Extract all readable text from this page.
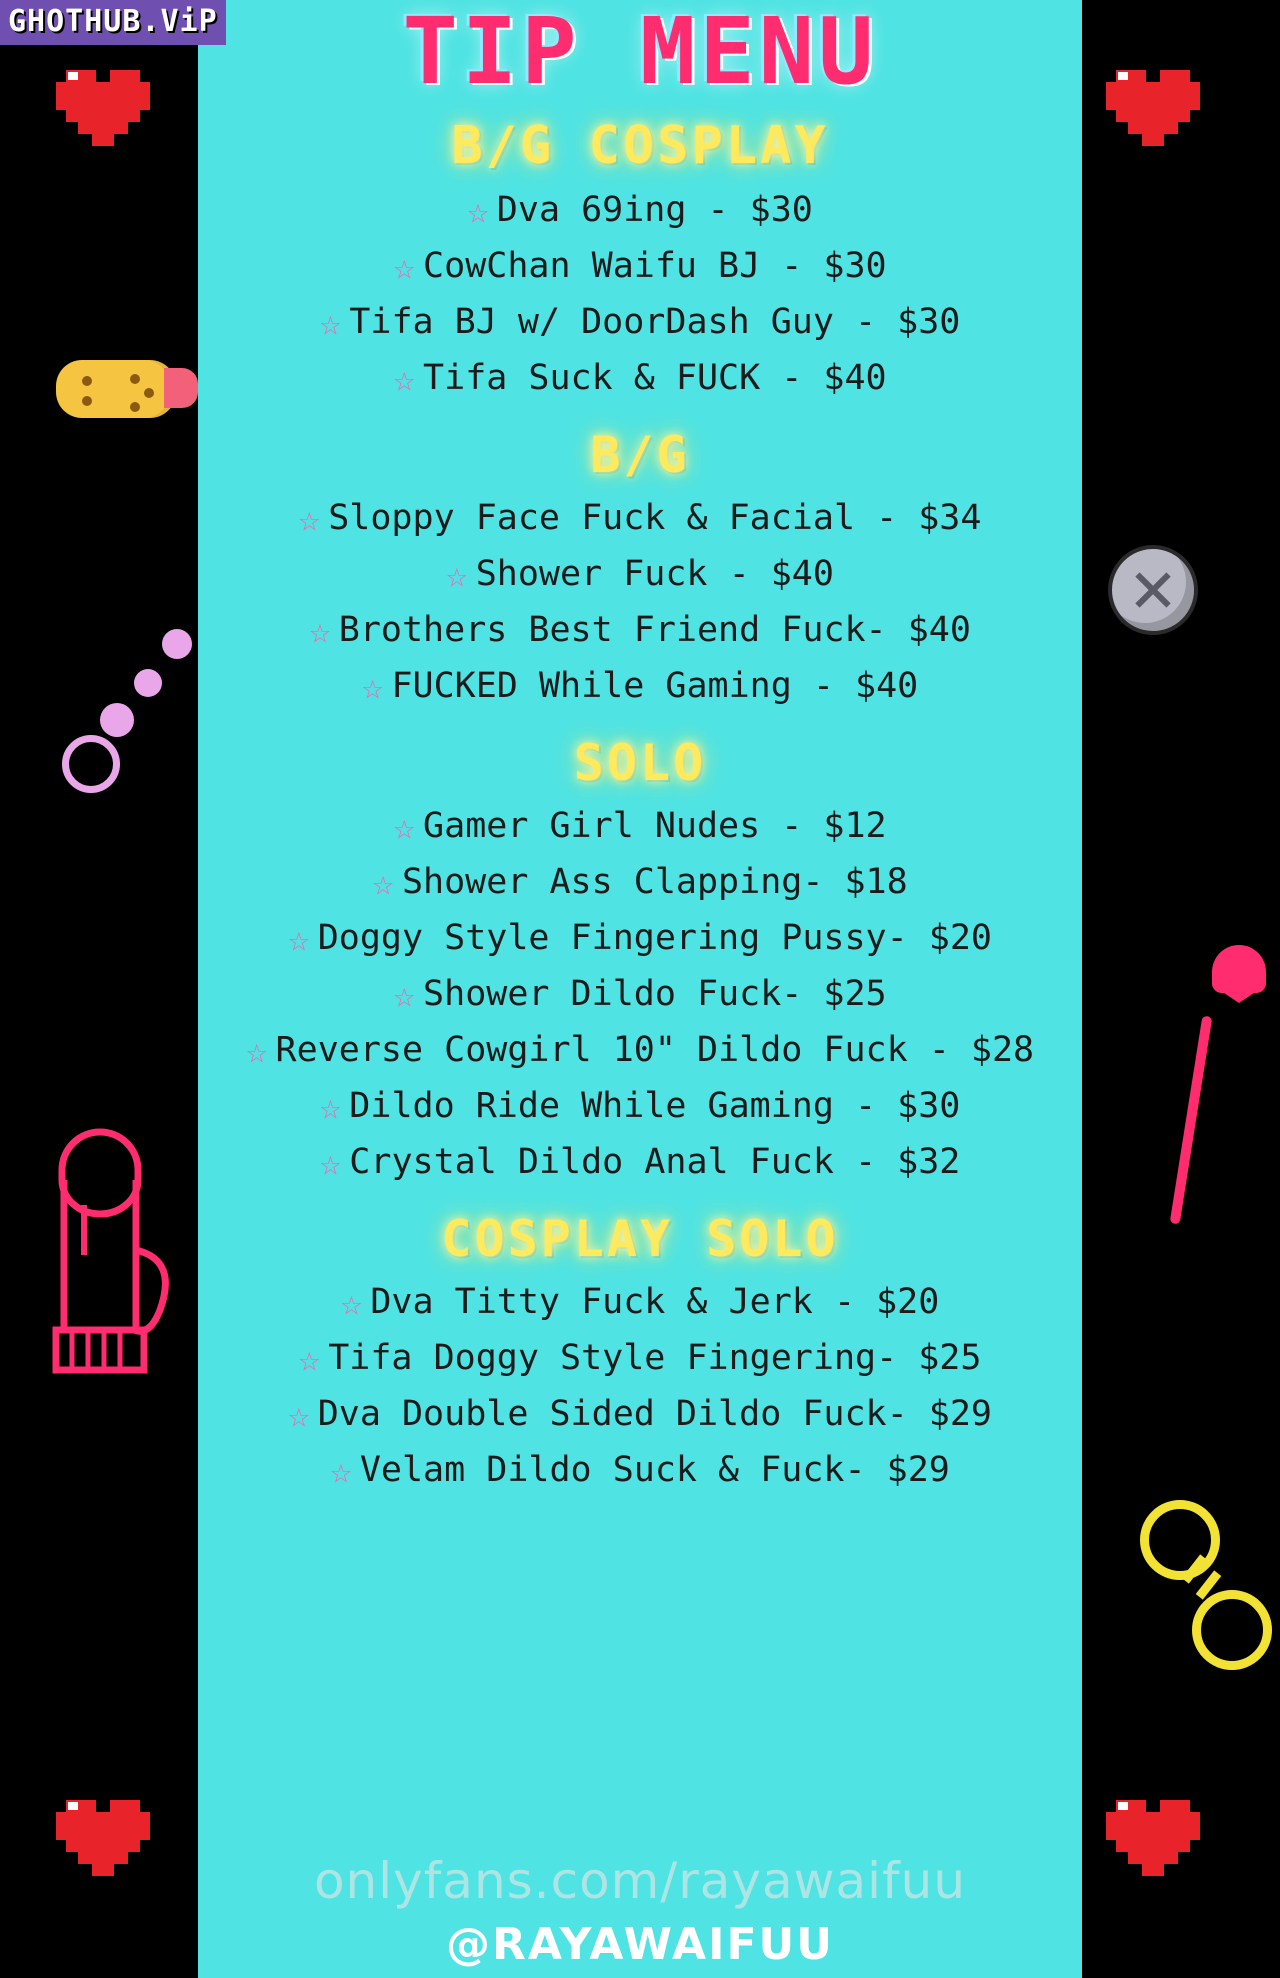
GHOTHUB.ViP	TIP MENU
B/G COSPLAY
☆ Dva 69ing - $30
☆ CowChan Waifu BJ - $30
☆ Tifa BJ w/ DoorDash Guy - $30
☆ Tifa Suck & FUCK - $40
B/G
☆ Sloppy Face Fuck & Facial - $34
☆ Shower Fuck - $40
☆ Brothers Best Friend Fuck- $40
☆ FUCKED While Gaming - $40
SOLO
☆ Gamer Girl Nudes - $12
☆ Shower Ass Clapping- $18
☆ Doggy Style Fingering Pussy- $20
☆ Shower Dildo Fuck- $25
☆ Reverse Cowgirl 10" Dildo Fuck - $28
☆ Dildo Ride While Gaming - $30
☆ Crystal Dildo Anal Fuck - $32
COSPLAY SOLO
☆ Dva Titty Fuck & Jerk - $20
☆ Tifa Doggy Style Fingering- $25
☆ Dva Double Sided Dildo Fuck- $29
☆ Velam Dildo Suck & Fuck- $29
onlyfans.com/rayawaifuu
@RAYAWAIFUU
